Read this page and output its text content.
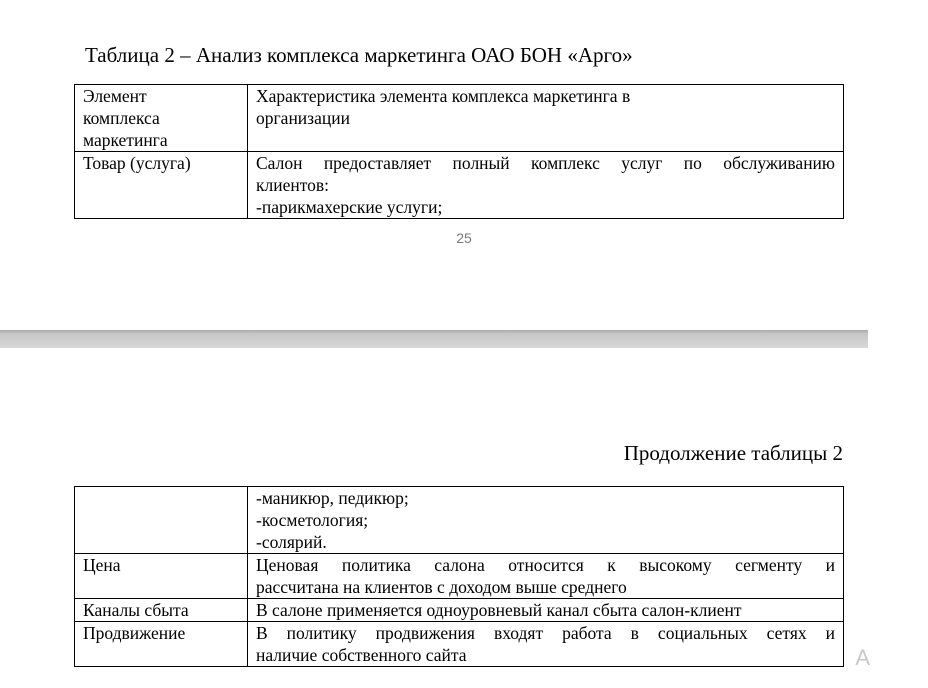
Таблица 2 – Анализ комплекса маркетинга ОАО БОН «Арго»
Элемент
комплекса
маркетинга	Характеристика элемента комплекса маркетинга в
организации

Товар (услуга)	Салон предоставляет полный комплекс услуг по обслуживанию
клиентов:
-парикмахерские услуги;
25
Продолжение таблицы 2

	-маникюр, педикюр;
-косметология;
-солярий.

Цена	Ценовая политика салона относится к высокому сегменту и
рассчитана на клиентов с доходом выше среднего

Каналы сбыта	В салоне применяется одноуровневый канал сбыта салон-клиент

Продвижение	В политику продвижения входят работа в социальных сетях и
наличие собственного сайта	А
